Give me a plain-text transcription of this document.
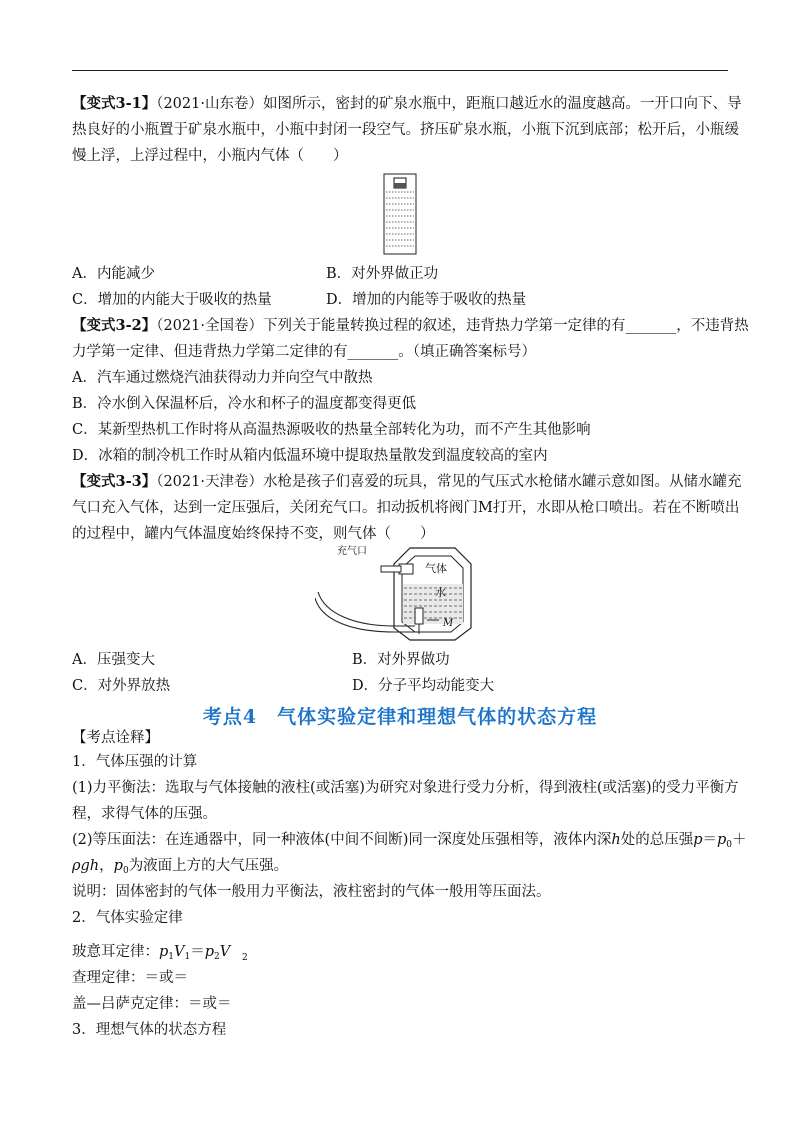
【变式3-1】（2021·山东卷）如图所示，密封的矿泉水瓶中，距瓶口越近水的温度越高。一开口向下、导
热良好的小瓶置于矿泉水瓶中，小瓶中封闭一段空气。挤压矿泉水瓶，小瓶下沉到底部；松开后，小瓶缓
慢上浮，上浮过程中，小瓶内气体（　　）
A．内能减少	B．对外界做正功
C．增加的内能大于吸收的热量	D．增加的内能等于吸收的热量
【变式3-2】（2021·全国卷）下列关于能量转换过程的叙述，违背热力学第一定律的有_______，不违背热
力学第一定律、但违背热力学第二定律的有_______。（填正确答案标号）
A．汽车通过燃烧汽油获得动力并向空气中散热
B．冷水倒入保温杯后，冷水和杯子的温度都变得更低
C．某新型热机工作时将从高温热源吸收的热量全部转化为功，而不产生其他影响
D．冰箱的制冷机工作时从箱内低温环境中提取热量散发到温度较高的室内
【变式3-3】（2021·天津卷）水枪是孩子们喜爱的玩具，常见的气压式水枪储水罐示意如图。从储水罐充
气口充入气体，达到一定压强后，关闭充气口。扣动扳机将阀门M打开，水即从枪口喷出。若在不断喷出
的过程中，罐内气体温度始终保持不变，则气体（　　）
充气口
气体
水
M
A．压强变大	B．对外界做功
C．对外界放热	D．分子平均动能变大
考点4　气体实验定律和理想气体的状态方程
【考点诠释】
1．气体压强的计算
(1)力平衡法：选取与气体接触的液柱(或活塞)为研究对象进行受力分析，得到液柱(或活塞)的受力平衡方
程，求得气体的压强。
(2)等压面法：在连通器中，同一种液体(中间不间断)同一深度处压强相等，液体内深h处的总压强$p=p_0+$
ρgh，$p_0$为液面上方的大气压强。
说明：固体密封的气体一般用力平衡法，液柱密封的气体一般用等压面法。
2．气体实验定律
玻意耳定律：$p_1V_1=p_2V$ 2
查理定律：＝或＝
盖—吕萨克定律：＝或＝
3．理想气体的状态方程
